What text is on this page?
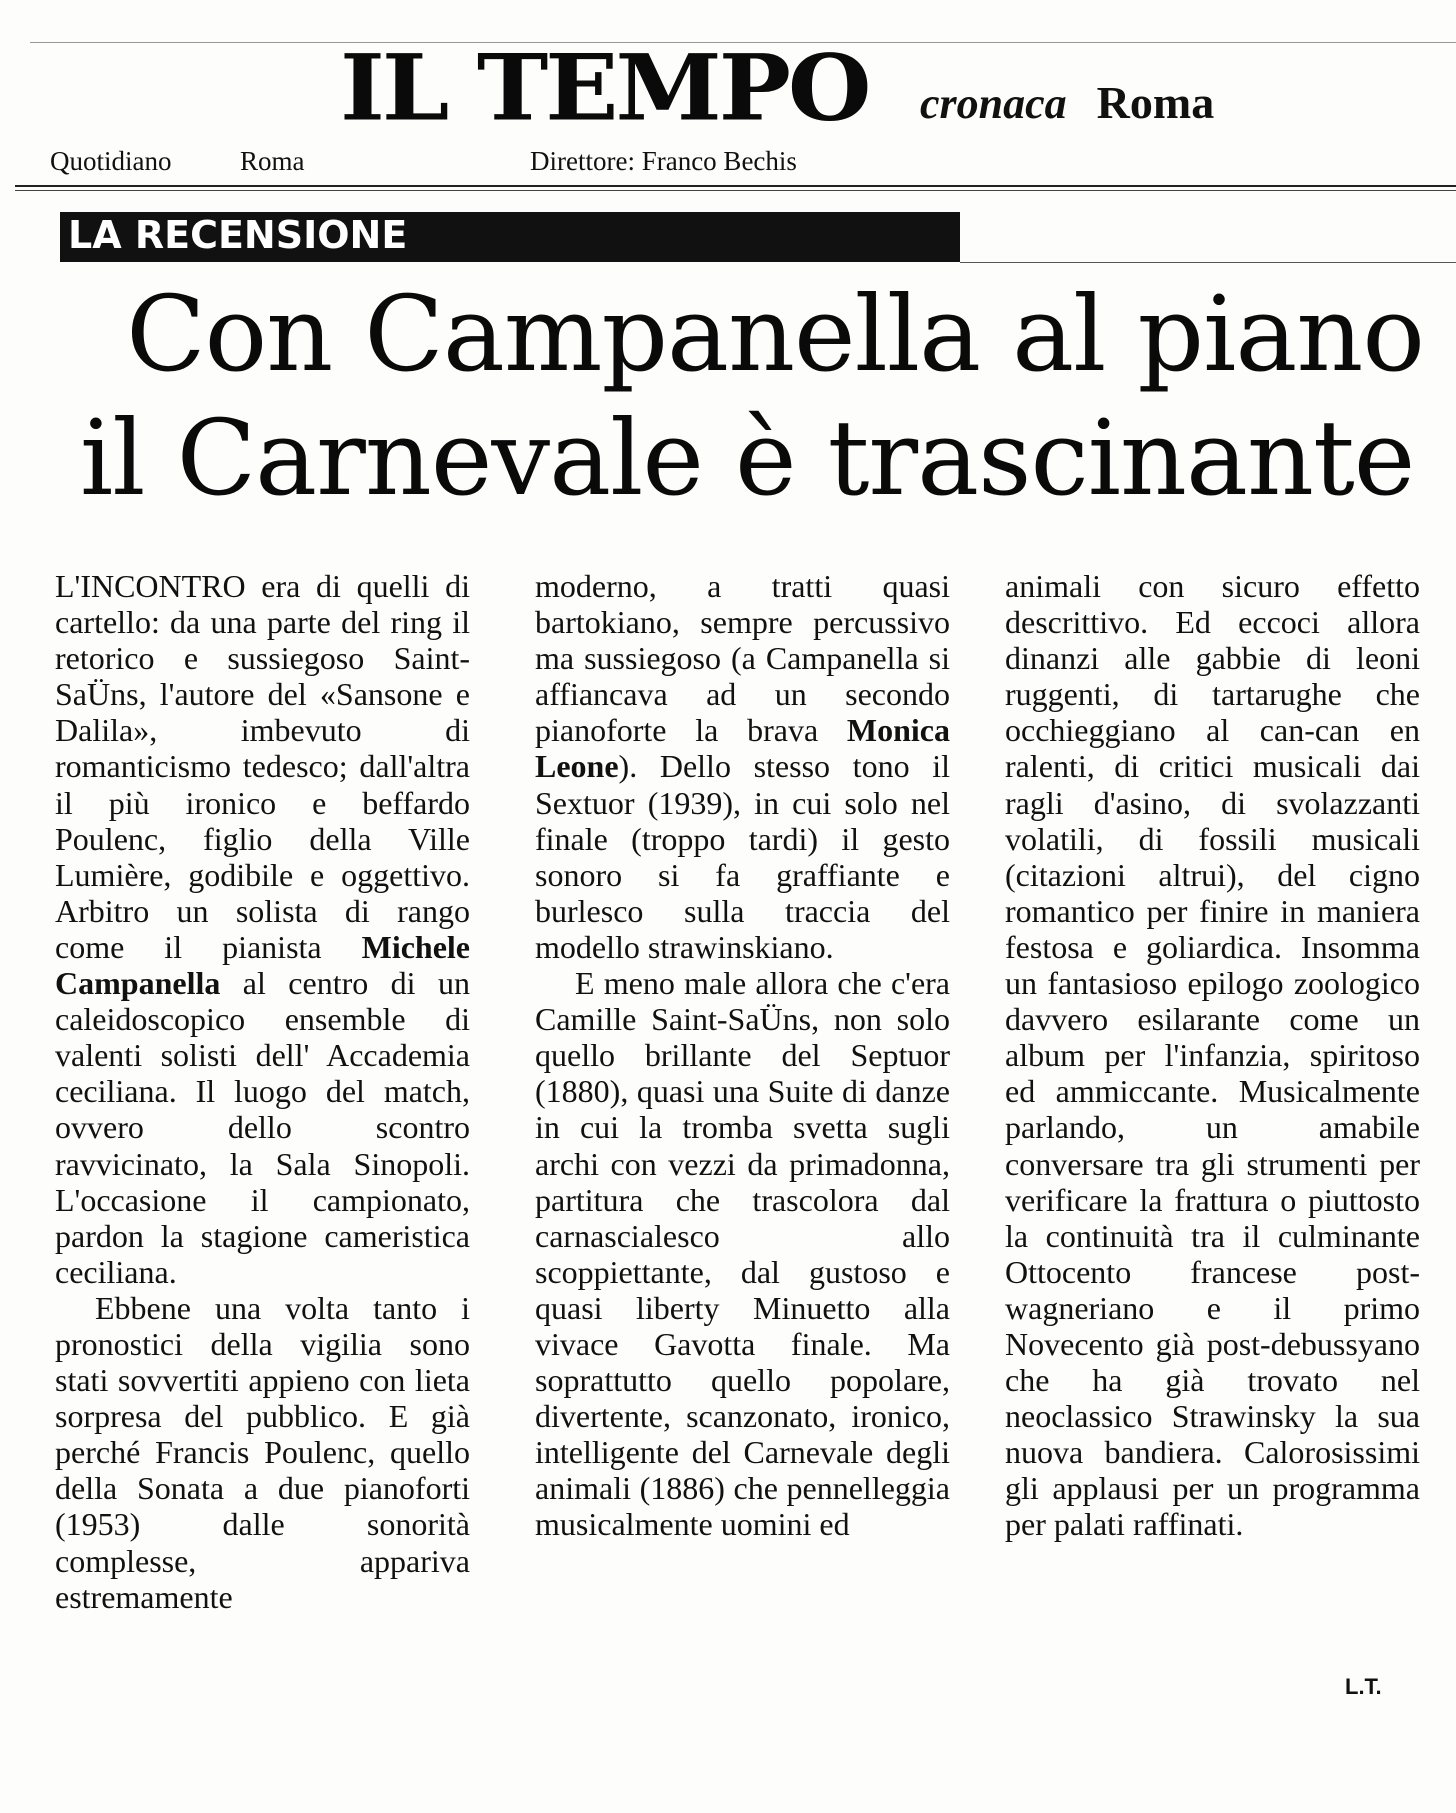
IL TEMPO cronaca Roma
Quotidiano	Roma	Direttore: Franco Bechis
LA RECENSIONE
Con Campanella al piano
il Carnevale è trascinante

L'INCONTRO era di quelli di cartello: da una parte del ring il retorico e sussiegoso Saint-SaÜns, l'autore del «Sansone e Dalila», imbevuto di romanticismo tedesco; dall'altra il più ironico e beffardo Poulenc, figlio della Ville Lumière, godibile e oggettivo. Arbitro un solista di rango come il pianista Michele Campanella al centro di un caleidoscopico ensemble di valenti solisti dell' Accademia ceciliana. Il luogo del match, ovvero dello scontro ravvicinato, la Sala Sinopoli. L'occasione il campionato, pardon la stagione cameristica ceciliana.

Ebbene una volta tanto i pronostici della vigilia sono stati sovvertiti appieno con lieta sorpresa del pubblico. E già perché Francis Poulenc, quello della Sonata a due pianoforti (1953) dalle sonorità complesse, appariva estremamente

moderno, a tratti quasi bartokiano, sempre percussivo ma sussiegoso (a Campanella si affiancava ad un secondo pianoforte la brava Monica Leone). Dello stesso tono il Sextuor (1939), in cui solo nel finale (troppo tardi) il gesto sonoro si fa graffiante e burlesco sulla traccia del modello strawinskiano.

E meno male allora che c'era Camille Saint-SaÜns, non solo quello brillante del Septuor (1880), quasi una Suite di danze in cui la tromba svetta sugli archi con vezzi da primadonna, partitura che trascolora dal carnascialesco allo scoppiettante, dal gustoso e quasi liberty Minuetto alla vivace Gavotta finale. Ma soprattutto quello popolare, divertente, scanzonato, ironico, intelligente del Carnevale degli animali (1886) che pennelleggia musicalmente uomini ed

animali con sicuro effetto descrittivo. Ed eccoci allora dinanzi alle gabbie di leoni ruggenti, di tartarughe che occhieggiano al can-can en ralenti, di critici musicali dai ragli d'asino, di svolazzanti volatili, di fossili musicali (citazioni altrui), del cigno romantico per finire in maniera festosa e goliardica. Insomma un fantasioso epilogo zoologico davvero esilarante come un album per l'infanzia, spiritoso ed ammiccante. Musicalmente parlando, un amabile conversare tra gli strumenti per verificare la frattura o piuttosto la continuità tra il culminante Ottocento francese post-wagneriano e il primo Novecento già post-debussyano che ha già trovato nel neoclassico Strawinsky la sua nuova bandiera. Calorosissimi gli applausi per un programma per palati raffinati.

L.T.
